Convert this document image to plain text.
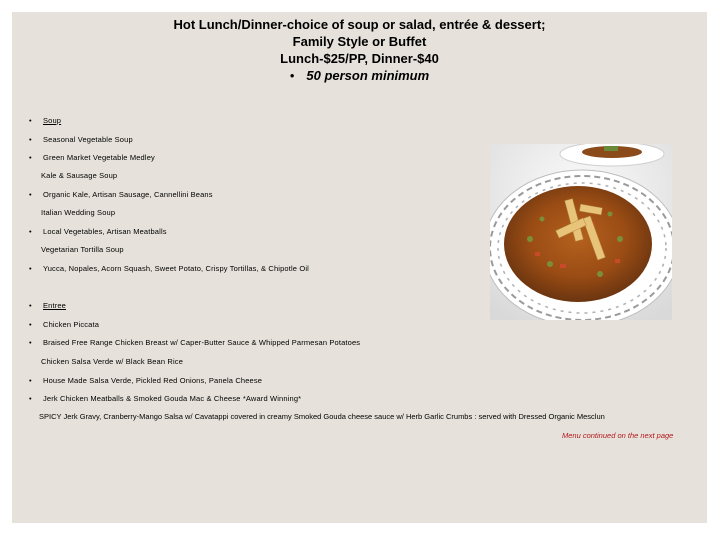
Hot Lunch/Dinner-choice of soup or salad, entrée & dessert;
Family Style or Buffet
Lunch-$25/PP, Dinner-$40
• 50 person minimum
• Soup
• Seasonal Vegetable Soup
• Green Market Vegetable Medley
Kale & Sausage Soup
• Organic Kale, Artisan Sausage, Cannellini Beans
Italian Wedding Soup
• Local Vegetables, Artisan Meatballs
Vegetarian Tortilla Soup
• Yucca, Nopales, Acorn Squash, Sweet Potato, Crispy Tortillas, & Chipotle Oil
• Entree
• Chicken Piccata
• Braised Free Range Chicken Breast w/ Caper-Butter Sauce & Whipped Parmesan Potatoes
Chicken Salsa Verde w/ Black Bean Rice
• House Made Salsa Verde, Pickled Red Onions, Panela Cheese
• Jerk Chicken Meatballs & Smoked Gouda Mac & Cheese *Award Winning*
SPICY Jerk Gravy, Cranberry-Mango Salsa w/ Cavatappi covered in creamy Smoked Gouda cheese sauce w/ Herb Garlic Crumbs : served with Dressed Organic Mesclun
Menu continued on the next page
